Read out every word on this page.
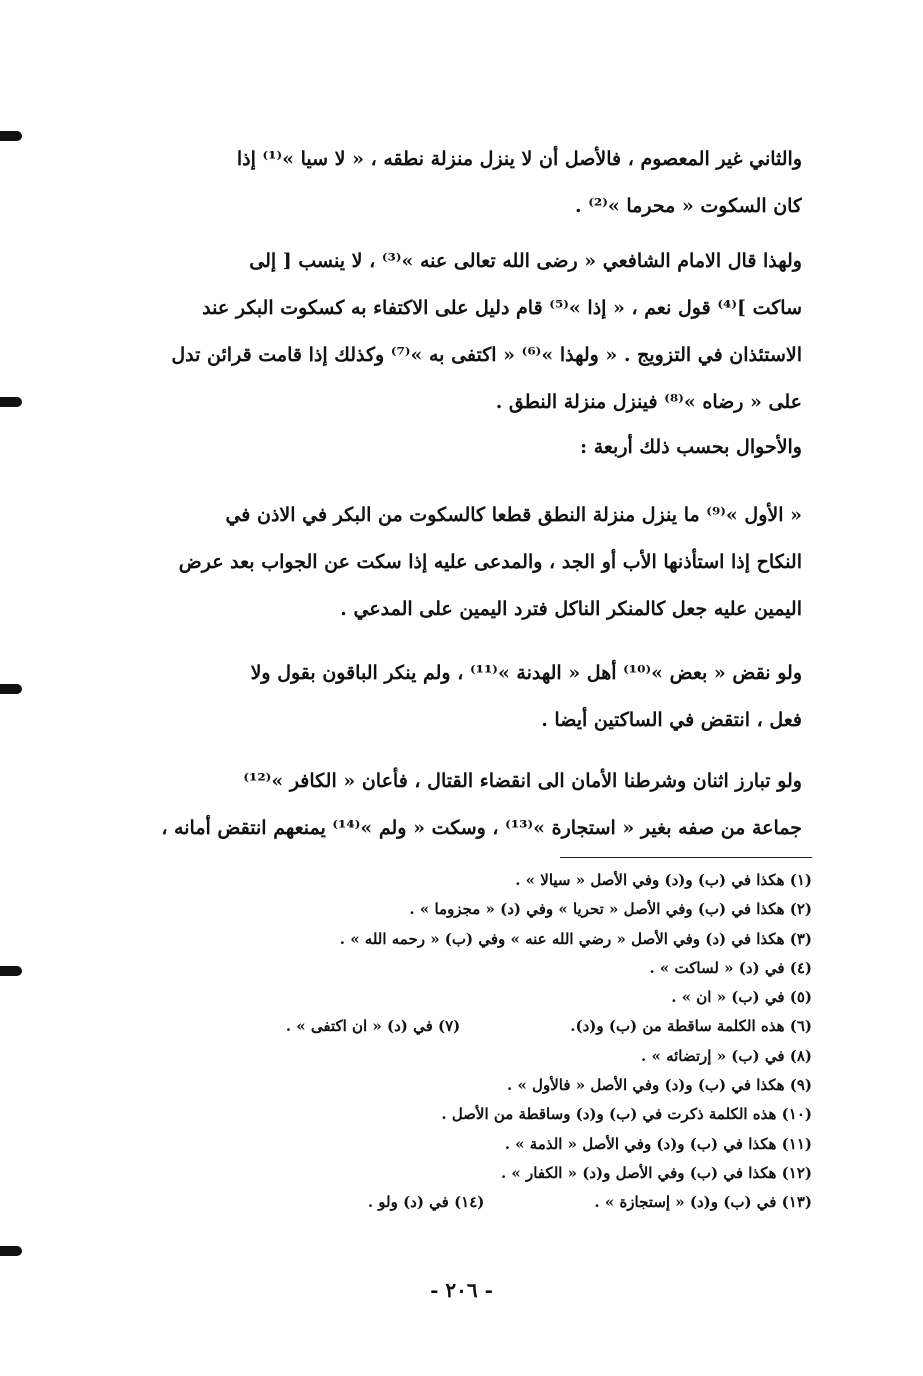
والثاني غير المعصوم ، فالأصل أن لا ينزل منزلة نطقه ، « لا سيا »⁽¹⁾ إذا
كان السكوت « محرما »⁽²⁾ .
ولهذا قال الامام الشافعي « رضى الله تعالى عنه »⁽³⁾ ، لا ينسب [ إلى
ساكت ]⁽⁴⁾ قول نعم ، « إذا »⁽⁵⁾ قام دليل على الاكتفاء به كسكوت البكر عند
الاستئذان في التزويج . « ولهذا »⁽⁶⁾ « اكتفى به »⁽⁷⁾ وكذلك إذا قامت قرائن تدل
على « رضاه »⁽⁸⁾ فينزل منزلة النطق .
والأحوال بحسب ذلك أربعة :
« الأول »⁽⁹⁾ ما ينزل منزلة النطق قطعا كالسكوت من البكر في الاذن في
النكاح إذا استأذنها الأب أو الجد ، والمدعى عليه إذا سكت عن الجواب بعد عرض
اليمين عليه جعل كالمنكر الناكل فترد اليمين على المدعي .
ولو نقض « بعض »⁽¹⁰⁾ أهل « الهدنة »⁽¹¹⁾ ، ولم ينكر الباقون بقول ولا
فعل ، انتقض في الساكتين أيضا .
ولو تبارز اثنان وشرطنا الأمان الى انقضاء القتال ، فأعان « الكافر »⁽¹²⁾
جماعة من صفه بغير « استجارة »⁽¹³⁾ ، وسكت « ولم »⁽¹⁴⁾ يمنعهم انتقض أمانه ،
(١) هكذا في (ب) و(د) وفي الأصل « سيالا » .
(٢) هكذا في (ب) وفي الأصل « تحريا » وفي (د) « مجزوما » .
(٣) هكذا في (د) وفي الأصل « رضي الله عنه » وفي (ب) « رحمه الله » .
(٤) في (د) « لساكت » .
(٥) في (ب) « ان » .
(٦) هذه الكلمة ساقطة من (ب) و(د).
(٧) في (د) « ان اكتفى » .
(٨) في (ب) « إرتضائه » .
(٩) هكذا في (ب) و(د) وفي الأصل « فالأول » .
(١٠) هذه الكلمة ذكرت في (ب) و(د) وساقطة من الأصل .
(١١) هكذا في (ب) و(د) وفي الأصل « الذمة » .
(١٢) هكذا في (ب) وفي الأصل و(د) « الكفار » .
(١٣) في (ب) و(د) « إستجازة » .
(١٤) في (د) ولو .
- ٢٠٦ -
